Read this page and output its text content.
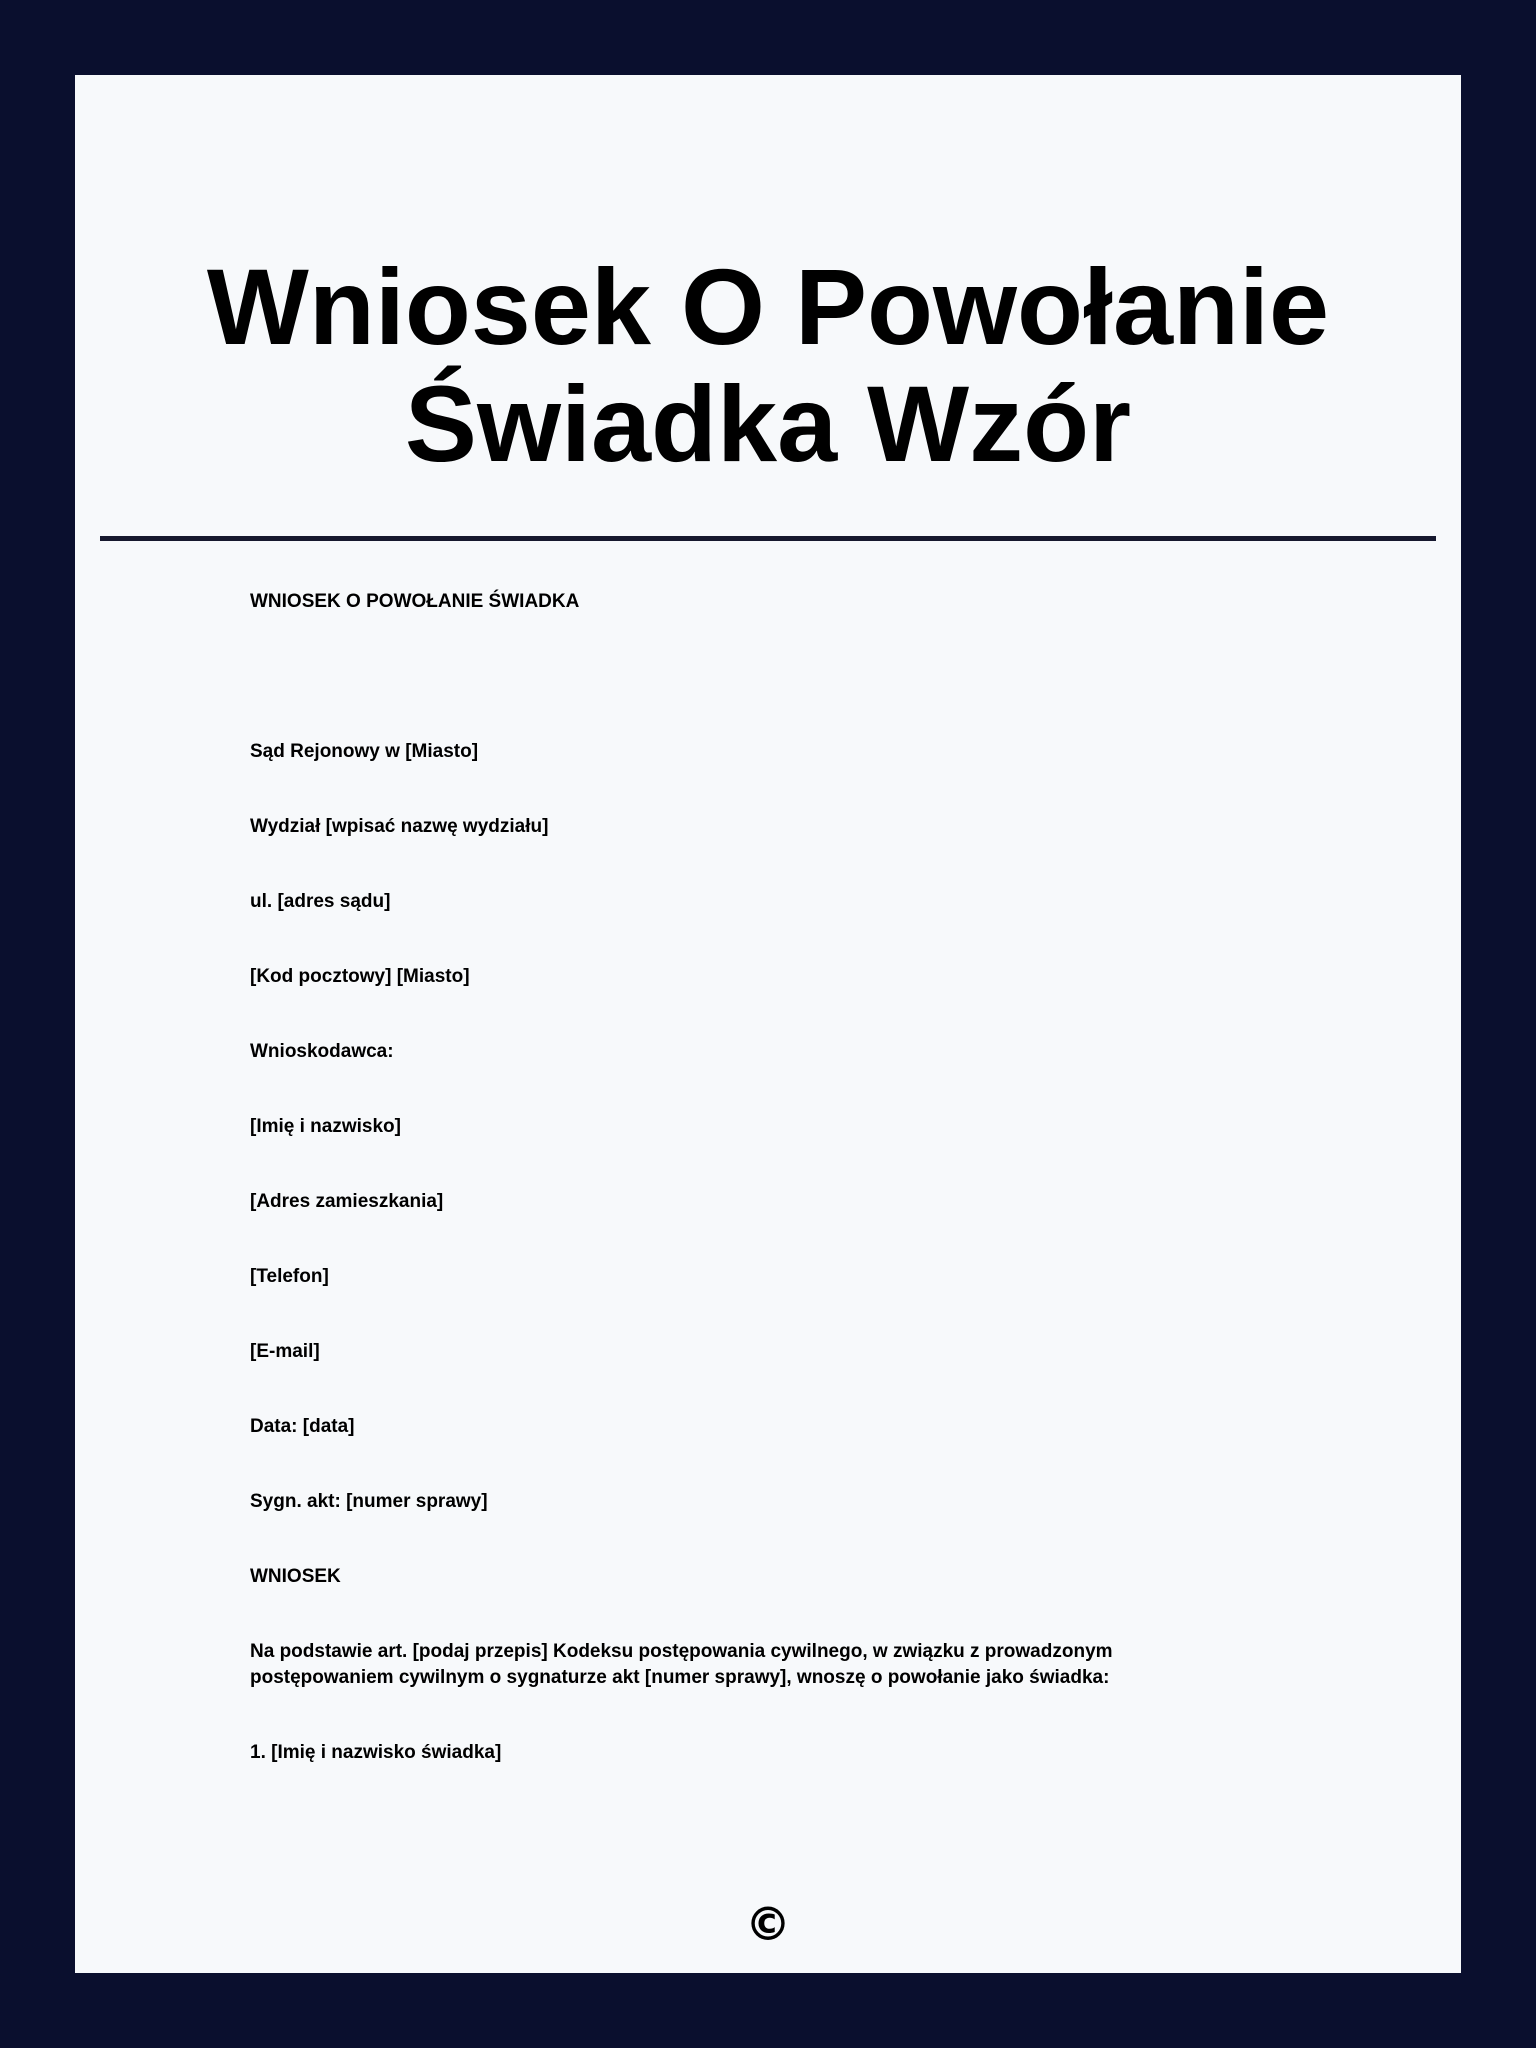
Wniosek O Powołanie Świadka Wzór

WNIOSEK O POWOŁANIE ŚWIADKA

Sąd Rejonowy w [Miasto]

Wydział [wpisać nazwę wydziału]

ul. [adres sądu]

[Kod pocztowy] [Miasto]

Wnioskodawca:

[Imię i nazwisko]

[Adres zamieszkania]

[Telefon]

[E-mail]

Data: [data]

Sygn. akt: [numer sprawy]

WNIOSEK

Na podstawie art. [podaj przepis] Kodeksu postępowania cywilnego, w związku z prowadzonym postępowaniem cywilnym o sygnaturze akt [numer sprawy], wnoszę o powołanie jako świadka:

1. [Imię i nazwisko świadka]

©
